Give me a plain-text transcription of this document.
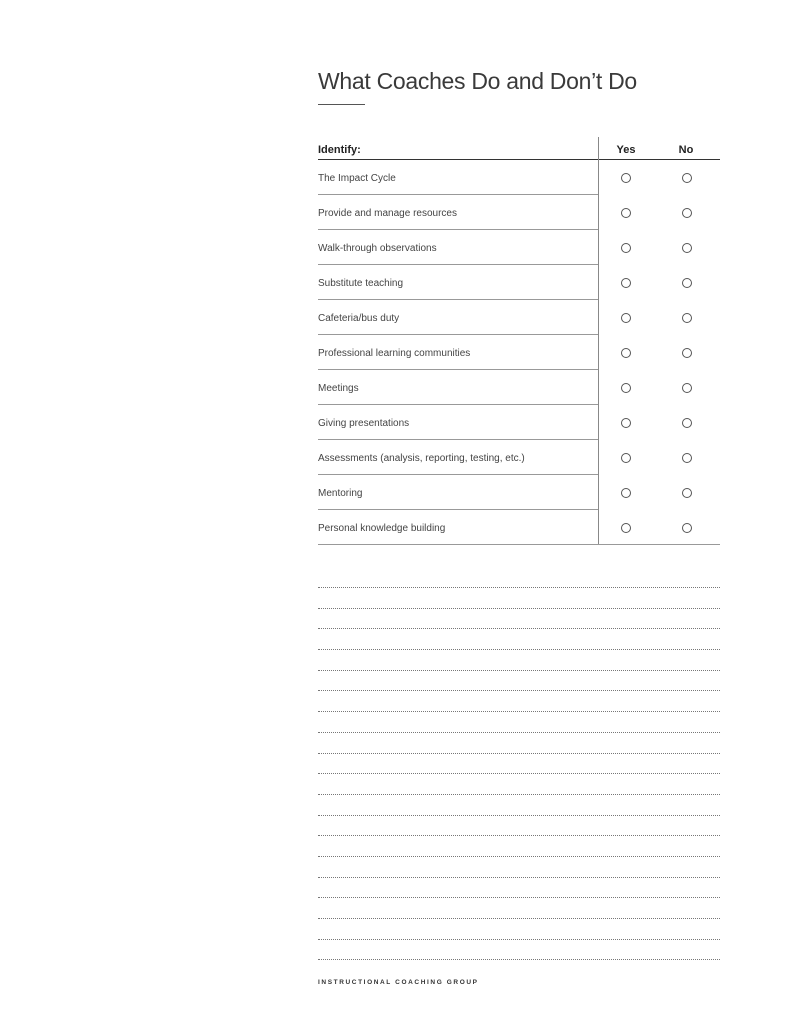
What Coaches Do and Don’t Do
Identify:	Yes	No
The Impact Cycle
Provide and manage resources
Walk-through observations
Substitute teaching
Cafeteria/bus duty
Professional learning communities
Meetings
Giving presentations
Assessments (analysis, reporting, testing, etc.)
Mentoring
Personal knowledge building
INSTRUCTIONAL COACHING GROUP
